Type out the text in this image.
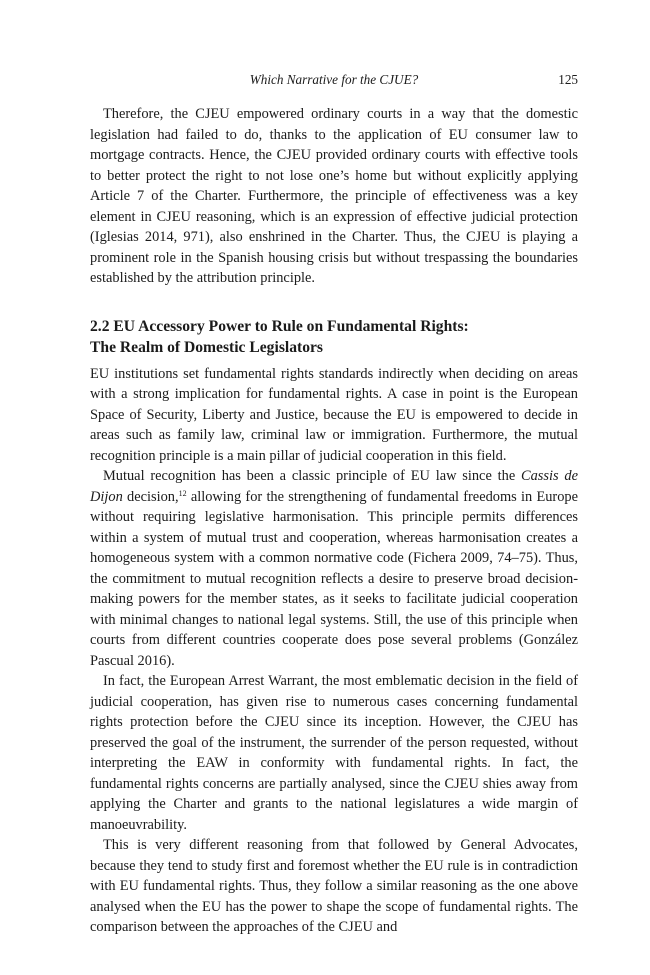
Which Narrative for the CJUE?	125

Therefore, the CJEU empowered ordinary courts in a way that the domestic legislation had failed to do, thanks to the application of EU consumer law to mortgage contracts. Hence, the CJEU provided ordinary courts with effective tools to better protect the right to not lose one’s home but without explicitly applying Article 7 of the Charter. Furthermore, the principle of effectiveness was a key element in CJEU reasoning, which is an expression of effective judicial protection (Iglesias 2014, 971), also enshrined in the Charter. Thus, the CJEU is playing a prominent role in the Spanish housing crisis but without trespassing the boundaries established by the attribution principle.

2.2 EU Accessory Power to Rule on Fundamental Rights:
The Realm of Domestic Legislators

EU institutions set fundamental rights standards indirectly when deciding on areas with a strong implication for fundamental rights. A case in point is the European Space of Security, Liberty and Justice, because the EU is empowered to decide in areas such as family law, criminal law or immigration. Furthermore, the mutual recognition principle is a main pillar of judicial cooperation in this field.

Mutual recognition has been a classic principle of EU law since the Cassis de Dijon decision,$^{12}$ allowing for the strengthening of fundamental freedoms in Europe without requiring legislative harmonisation. This principle permits differences within a system of mutual trust and cooperation, whereas harmonisation creates a homogeneous system with a common normative code (Fichera 2009, 74–75). Thus, the commitment to mutual recognition reflects a desire to preserve broad decision-making powers for the member states, as it seeks to facilitate judicial cooperation with minimal changes to national legal systems. Still, the use of this principle when courts from different countries cooperate does pose several problems (González Pascual 2016).

In fact, the European Arrest Warrant, the most emblematic decision in the field of judicial cooperation, has given rise to numerous cases concerning fundamental rights protection before the CJEU since its inception. However, the CJEU has preserved the goal of the instrument, the surrender of the person requested, without interpreting the EAW in conformity with fundamental rights. In fact, the fundamental rights concerns are partially analysed, since the CJEU shies away from applying the Charter and grants to the national legislatures a wide margin of manoeuvrability.

This is very different reasoning from that followed by General Advocates, because they tend to study first and foremost whether the EU rule is in contradiction with EU fundamental rights. Thus, they follow a similar reasoning as the one above analysed when the EU has the power to shape the scope of fundamental rights. The comparison between the approaches of the CJEU and
